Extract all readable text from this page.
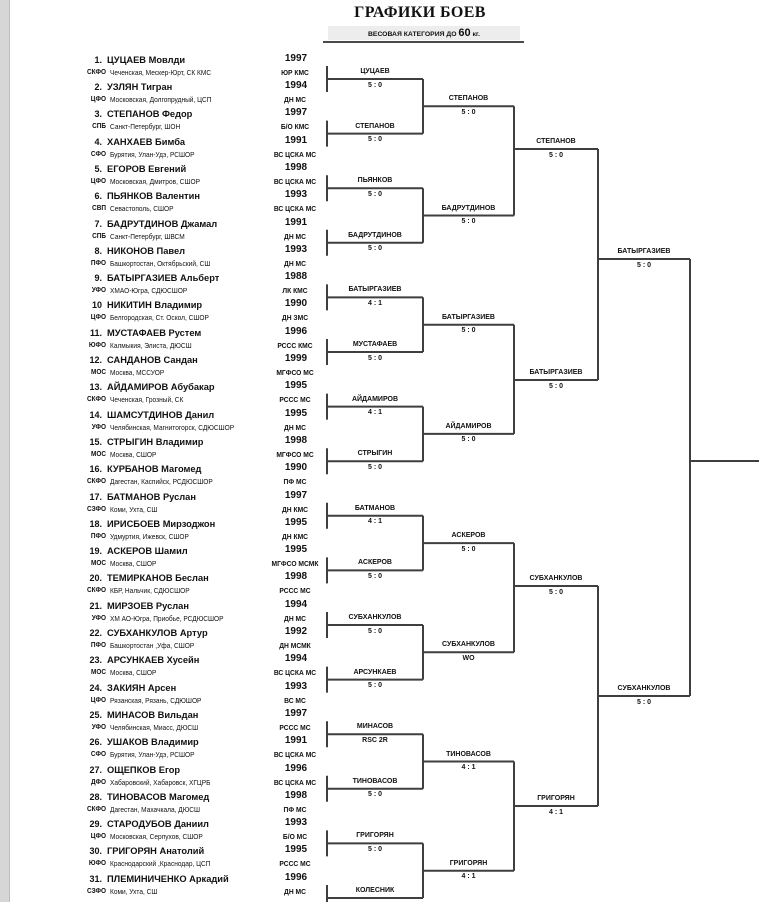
ГРАФИКИ БОЕВ
ВЕСОВАЯ КАТЕГОРИЯ ДО 60 кг.
1. ЦУЦАЕВ Мовлди	1997
СКФО Чеченская, Мескер-Юрт, СК КМС	ЮР КМС
2. УЗЛЯН Тигран	1994
ЦФО Московская, Долгопрудный, ЦСП	ДН МС
3. СТЕПАНОВ Федор	1997
СПБ Санкт-Петербург, ШОН	Б/О КМС
4. ХАНХАЕВ Бимба	1991
СФО Бурятия, Улан-Удэ, РСШОР	ВС ЦСКА МС
5. ЕГОРОВ Евгений	1998
ЦФО Московская, Дмитров, СШОР	ВС ЦСКА МС
6. ПЬЯНКОВ Валентин	1993
СВП Севастополь, СШОР	ВС ЦСКА МС
7. БАДРУТДИНОВ Джамал	1991
СПБ Санкт-Петербург, ШВСМ	ДН МС
8. НИКОНОВ Павел	1993
ПФО Башкортостан, Октябрьский, СШ	ДН МС
9. БАТЫРГАЗИЕВ Альберт	1988
УФО ХМАО-Югра, СДЮСШОР	ЛК КМС
10 НИКИТИН Владимир	1990
ЦФО Белгородская, Ст. Оскол, СШОР	ДН ЗМС
11. МУСТАФАЕВ Рустем	1996
ЮФО Калмыкия, Элиста, ДЮСШ	РССС КМС
12. САНДАНОВ Сандан	1999
МОС Москва, МССУОР	МГФСО МС
13. АЙДАМИРОВ Абубакар	1995
СКФО Чеченская, Грозный, СК	РССС МС
14. ШАМСУТДИНОВ Данил	1995
УФО Челябинская, Магнитогорск, СДЮСШОР	ДН МС
15. СТРЫГИН Владимир	1998
МОС Москва, СШОР	МГФСО МС
16. КУРБАНОВ Магомед	1990
СКФО Дагестан, Каспийск, РСДЮСШОР	ПФ МС
17. БАТМАНОВ Руслан	1997
СЗФО Коми, Ухта, СШ	ДН КМС
18. ИРИСБОЕВ Мирзоджон	1995
ПФО Удмуртия, Ижевск, СШОР	ДН КМС
19. АСКЕРОВ Шамил	1995
МОС Москва, СШОР	МГФСО МСМК
20. ТЕМИРКАНОВ Беслан	1998
СКФО КБР, Нальчик, СДЮСШОР	РССС МС
21. МИРЗОЕВ Руслан	1994
УФО ХМ АО-Югра, Приобье, РСДЮСШОР	ДН МС
22. СУБХАНКУЛОВ Артур	1992
ПФО Башкортостан ,Уфа, СШОР	ДН МСМК
23. АРСУНКАЕВ Хусейн	1994
МОС Москва, СШОР	ВС ЦСКА МС
24. ЗАКИЯН Арсен	1993
ЦФО Рязанская, Рязань, СДЮШОР	ВС МС
25. МИНАСОВ Вильдан	1997
УФО Челябинская, Миасс, ДЮСШ	РССС МС
26. УШАКОВ Владимир	1991
СФО Бурятия, Улан-Удэ, РСШОР	ВС ЦСКА МС
27. ОЩЕПКОВ Егор	1996
ДФО Хабаровский, Хабаровск, ХГЦРБ	ВС ЦСКА МС
28. ТИНОВАСОВ Магомед	1998
СКФО Дагестан, Махачкала, ДЮСШ	ПФ МС
29. СТАРОДУБОВ Даниил	1993
ЦФО Московская, Серпухов, СШОР	Б/О МС
30. ГРИГОРЯН Анатолий	1995
ЮФО Краснодарский ,Краснодар, ЦСП	РССС МС
31. ПЛЕМИНИЧЕНКО Аркадий	1996
СЗФО Коми, Ухта, СШ	ДН МС
ЦУЦАЕВ
5 : 0
СТЕПАНОВ
5 : 0
ПЬЯНКОВ
5 : 0
БАДРУТДИНОВ
5 : 0
БАТЫРГАЗИЕВ
4 : 1
МУСТАФАЕВ
5 : 0
АЙДАМИРОВ
4 : 1
СТРЫГИН
5 : 0
БАТМАНОВ
4 : 1
АСКЕРОВ
5 : 0
СУБХАНКУЛОВ
5 : 0
АРСУНКАЕВ
5 : 0
МИНАСОВ
RSC 2R
ТИНОВАСОВ
5 : 0
ГРИГОРЯН
5 : 0
КОЛЕСНИК
СТЕПАНОВ
5 : 0
БАДРУТДИНОВ
5 : 0
БАТЫРГАЗИЕВ
5 : 0
АЙДАМИРОВ
5 : 0
АСКЕРОВ
5 : 0
СУБХАНКУЛОВ
WO
ТИНОВАСОВ
4 : 1
ГРИГОРЯН
4 : 1
СТЕПАНОВ
5 : 0
БАТЫРГАЗИЕВ
5 : 0
СУБХАНКУЛОВ
5 : 0
ГРИГОРЯН
4 : 1
БАТЫРГАЗИЕВ
5 : 0
СУБХАНКУЛОВ
5 : 0
